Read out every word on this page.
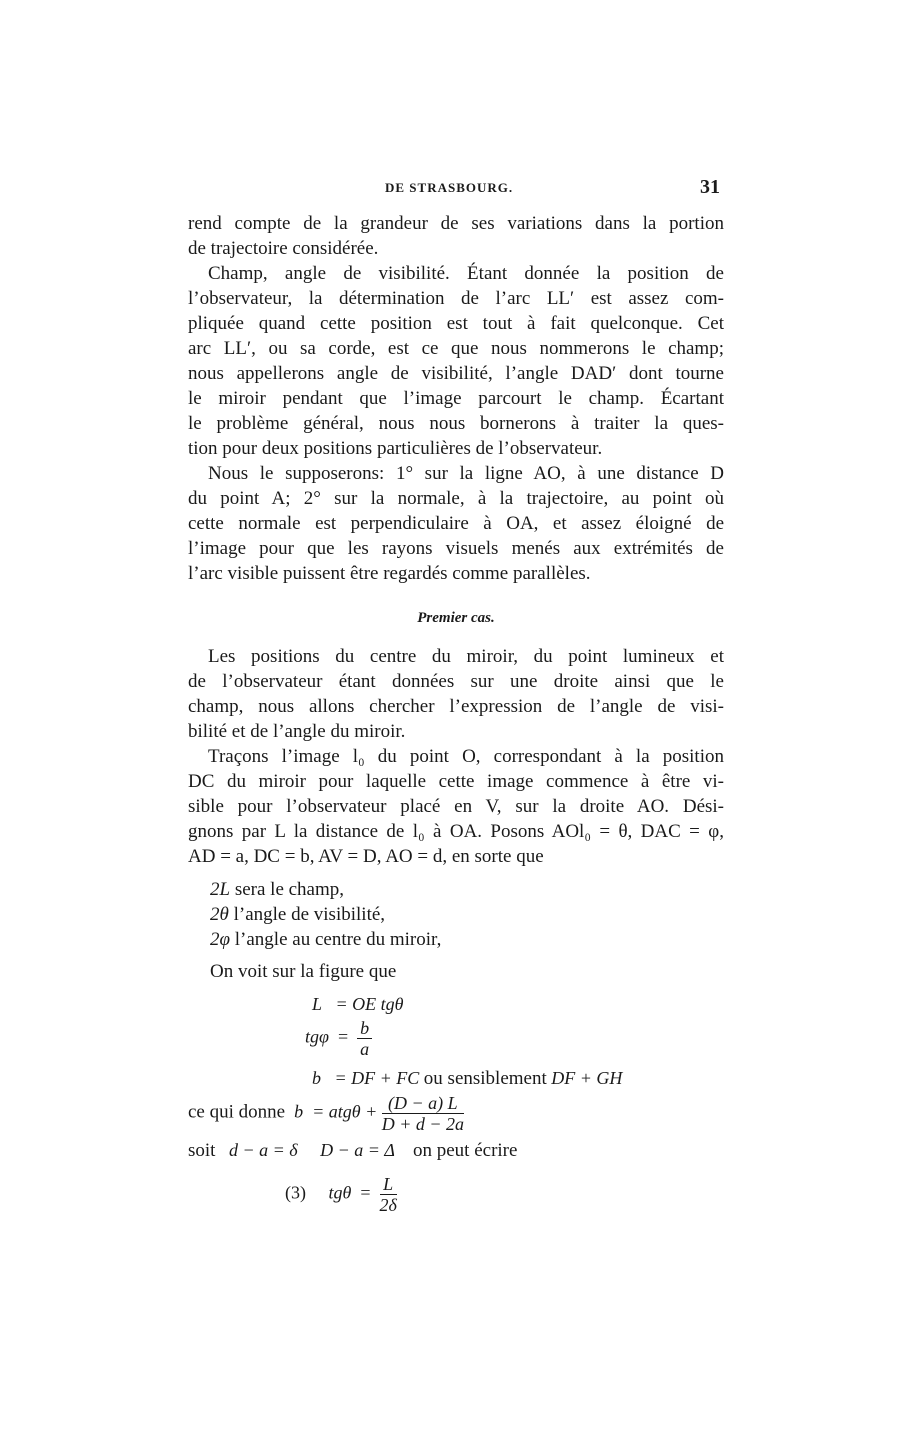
DE STRASBOURG.	31
rend compte de la grandeur de ses variations dans la portion
de trajectoire considérée.
Champ, angle de visibilité. Étant donnée la position de
l’observateur, la détermination de l’arc LL′ est assez com-
pliquée quand cette position est tout à fait quelconque. Cet
arc LL′, ou sa corde, est ce que nous nommerons le champ;
nous appellerons angle de visibilité, l’angle DAD′ dont tourne
le miroir pendant que l’image parcourt le champ. Écartant
le problème général, nous nous bornerons à traiter la ques-
tion pour deux positions particulières de l’observateur.
Nous le supposerons: 1° sur la ligne AO, à une distance D
du point A; 2° sur la normale, à la trajectoire, au point où
cette normale est perpendiculaire à OA, et assez éloigné de
l’image pour que les rayons visuels menés aux extrémités de
l’arc visible puissent être regardés comme parallèles.
Premier cas.
Les positions du centre du miroir, du point lumineux et
de l’observateur étant données sur une droite ainsi que le
champ, nous allons chercher l’expression de l’angle de visi-
bilité et de l’angle du miroir.
Traçons l’image l₀ du point O, correspondant à la position
DC du miroir pour laquelle cette image commence à être vi-
sible pour l’observateur placé en V, sur la droite AO. Dési-
gnons par L la distance de l₀ à OA. Posons AOl₀ = θ, DAC = φ,
AD = a, DC = b, AV = D, AO = d, en sorte que
2L sera le champ,
2θ l’angle de visibilité,
2φ l’angle au centre du miroir,
On voit sur la figure que
L = OE tgθ
$tg\varphi = \frac{b}{a}$
b = DF + FC ou sensiblement DF + GH
ce qui donne $b = atg\theta + \frac{(D - a) L}{D + d - 2a}$
soit d − a = δ D − a = Δ on peut écrire
(3) $tg\theta = \frac{L}{2\delta}$
